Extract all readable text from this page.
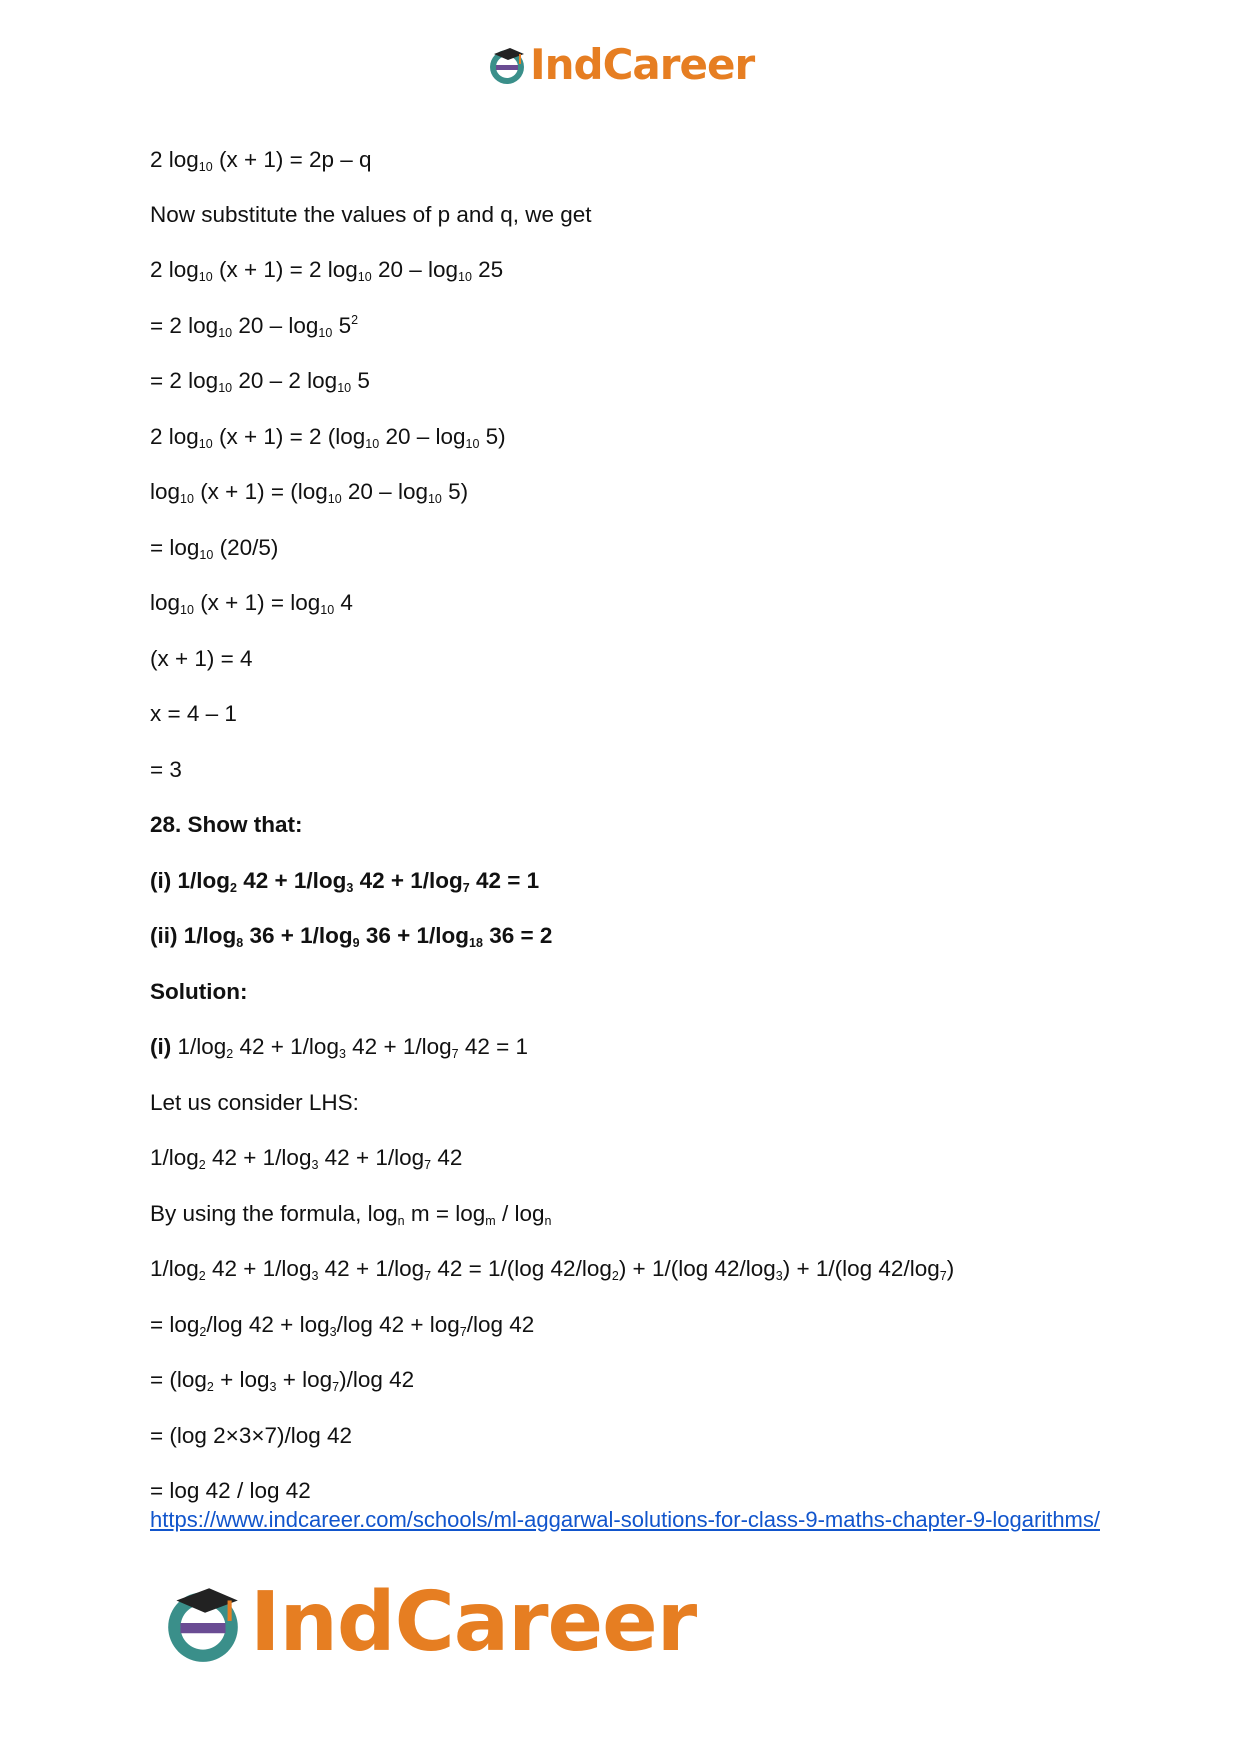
IndCareer
2 $\log_{10} (x + 1) = 2p - q$
Now substitute the values of p and q, we get
2 $\log_{10} (x + 1) = 2$ $\log_{10} 20 - \log_{10} 25$
= 2 $\log_{10} 20 - \log_{10} 5^2$
= 2 $\log_{10} 20 - 2$ $\log_{10} 5$
2 $\log_{10} (x + 1) = 2$ ($\log_{10}$ $20 - \log_{10} 5$)
$\log_{10} (x + 1) = (\log_{10}$ $20 - \log_{10} 5$)
= $\log_{10} (20/5)$
$\log_{10} (x + 1) = \log_{10} 4$
(x + 1) = 4
x = 4 – 1
= 3
28. Show that:
(i) $1/\log_2$ $42 + 1/\log_3$ $42 + 1/\log_7$ 42 = 1
(ii) $1/\log_8$ $36 + 1/\log_9$ $36 + 1/\log_{18}$ 36 = 2
Solution:
(i) $1/\log_2$ $42 + 1/\log_3$ $42 + 1/\log_7$ 42 = 1
Let us consider LHS:
$1/\log_2$ $42 + 1/\log_3$ $42 + 1/\log_7$ 42
By using the formula, $\log_n m = \log_m / \log_n$
$1/\log_2$ $42 + 1/\log_3$ $42 + 1/\log_7$ 42 = 1/(log $42/\log_2) + 1/(\log$ $42/\log_3) + 1/(\log$ $42/\log_7$)
= $\log_2/\log$ $42 + \log_3/\log$ $42 + \log_7/\log$ 42
= $(\log_2 + \log_3 + \log_7)/\log$ 42
= (log 2×3×7)/log 42
= log 42 / log 42
https://www.indcareer.com/schools/ml-aggarwal-solutions-for-class-9-maths-chapter-9-logarithms/
IndCareer
